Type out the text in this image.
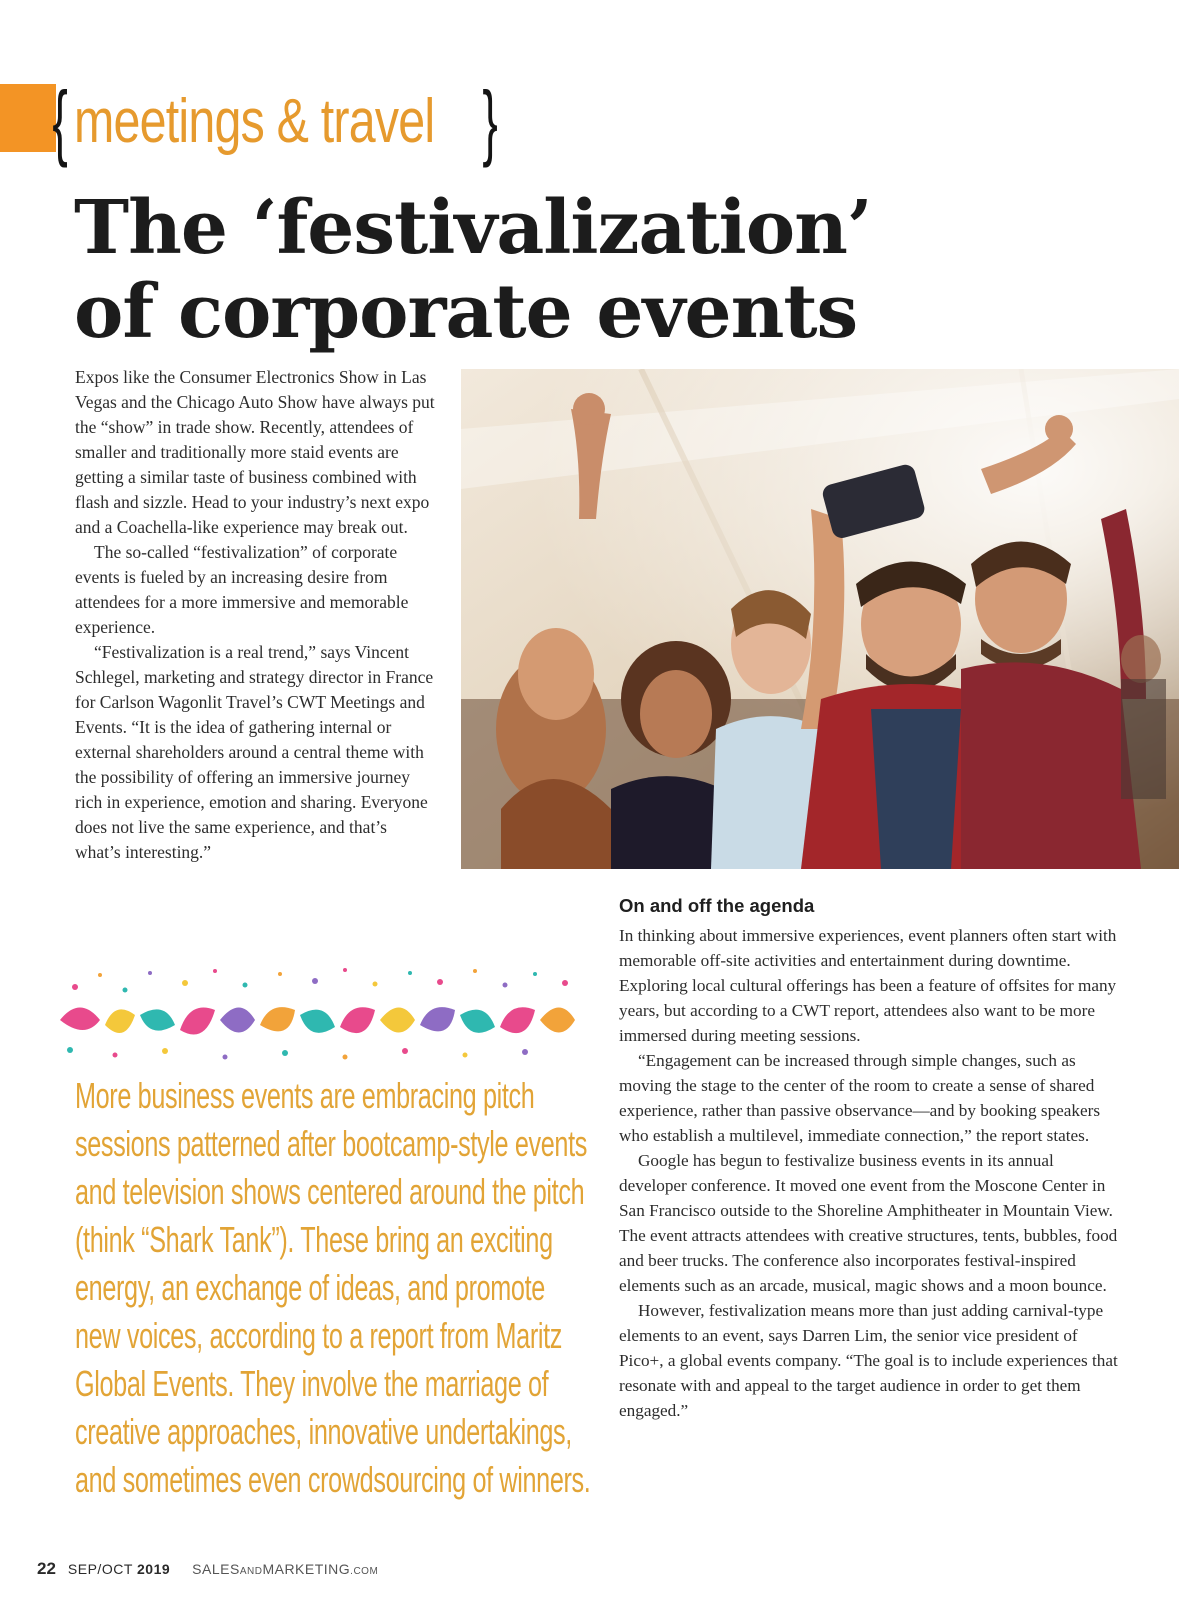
{ meetings & travel }
The ‘festivalization’
of corporate events

Expos like the Consumer Electronics Show in Las Vegas and the Chicago Auto Show have always put the “show” in trade show. Recently, attendees of smaller and traditionally more staid events are getting a similar taste of business combined with flash and sizzle. Head to your industry’s next expo and a Coachella-like experience may break out.

The so-called “festivalization” of corporate events is fueled by an increasing desire from attendees for a more immersive and memorable experience.

“Festivalization is a real trend,” says Vincent Schlegel, marketing and strategy director in France for Carlson Wagonlit Travel’s CWT Meetings and Events. “It is the idea of gathering internal or external shareholders around a central theme with the possibility of offering an immersive journey rich in experience, emotion and sharing. Everyone does not live the same experience, and that’s what’s interesting.”

More business events are embracing pitch
sessions patterned after bootcamp-style events
and television shows centered around the pitch
(think “Shark Tank”). These bring an exciting
energy, an exchange of ideas, and promote
new voices, according to a report from Maritz
Global Events. They involve the marriage of
creative approaches, innovative undertakings,
and sometimes even crowdsourcing of winners.
On and off the agenda

In thinking about immersive experiences, event planners often start with memorable off-site activities and entertainment during downtime. Exploring local cultural offerings has been a feature of offsites for many years, but according to a CWT report, attendees also want to be more immersed during meeting sessions.

“Engagement can be increased through simple changes, such as moving the stage to the center of the room to create a sense of shared experience, rather than passive observance—and by booking speakers who establish a multilevel, immediate connection,” the report states.

Google has begun to festivalize business events in its annual developer conference. It moved one event from the Moscone Center in San Francisco outside to the Shoreline Amphitheater in Mountain View. The event attracts attendees with creative structures, tents, bubbles, food and beer trucks. The conference also incorporates festival-inspired elements such as an arcade, musical, magic shows and a moon bounce.

However, festivalization means more than just adding carnival-type elements to an event, says Darren Lim, the senior vice president of Pico+, a global events company. “The goal is to include experiences that resonate with and appeal to the target audience in order to get them engaged.”

22 SEP/OCT 2019 SALESANDMARKETING.COM
